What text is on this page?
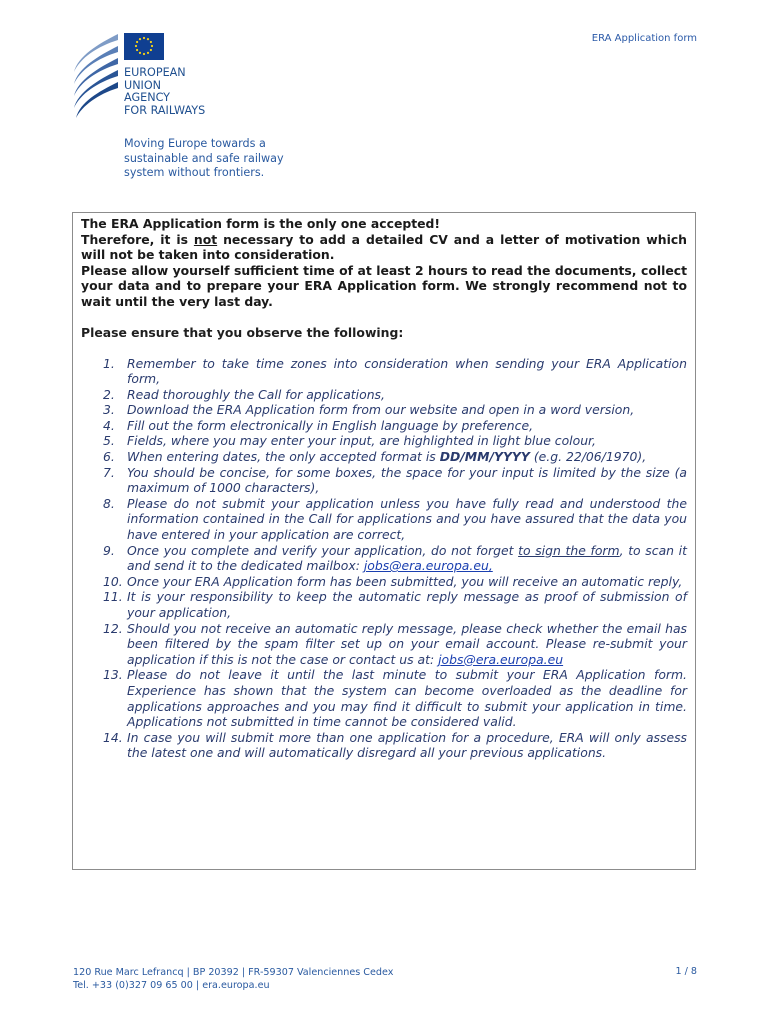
EUROPEAN
UNION
AGENCY
FOR RAILWAYS
ERA Application form
Moving Europe towards a
sustainable and safe railway
system without frontiers.

The ERA Application form is the only one accepted!

Therefore, it is not necessary to add a detailed CV and a letter of motivation which will not be taken into consideration.

Please allow yourself sufficient time of at least 2 hours to read the documents, collect your data and to prepare your ERA Application form. We strongly recommend not to wait until the very last day.

Please ensure that you observe the following:

1. Remember to take time zones into consideration when sending your ERA Application form,
2. Read thoroughly the Call for applications,
3. Download the ERA Application form from our website and open in a word version,
4. Fill out the form electronically in English language by preference,
5. Fields, where you may enter your input, are highlighted in light blue colour,
6. When entering dates, the only accepted format is DD/MM/YYYY (e.g. 22/06/1970),
7. You should be concise, for some boxes, the space for your input is limited by the size (a maximum of 1000 characters),
8. Please do not submit your application unless you have fully read and understood the information contained in the Call for applications and you have assured that the data you have entered in your application are correct,
9. Once you complete and verify your application, do not forget to sign the form, to scan it and send it to the dedicated mailbox: jobs@era.europa.eu,
10. Once your ERA Application form has been submitted, you will receive an automatic reply,
11. It is your responsibility to keep the automatic reply message as proof of submission of your application,
12. Should you not receive an automatic reply message, please check whether the email has been filtered by the spam filter set up on your email account. Please re-submit your application if this is not the case or contact us at: jobs@era.europa.eu
13. Please do not leave it until the last minute to submit your ERA Application form. Experience has shown that the system can become overloaded as the deadline for applications approaches and you may find it difficult to submit your application in time. Applications not submitted in time cannot be considered valid.
14. In case you will submit more than one application for a procedure, ERA will only assess the latest one and will automatically disregard all your previous applications.
120 Rue Marc Lefrancq | BP 20392 | FR-59307 Valenciennes Cedex
Tel. +33 (0)327 09 65 00 | era.europa.eu
1 / 8
